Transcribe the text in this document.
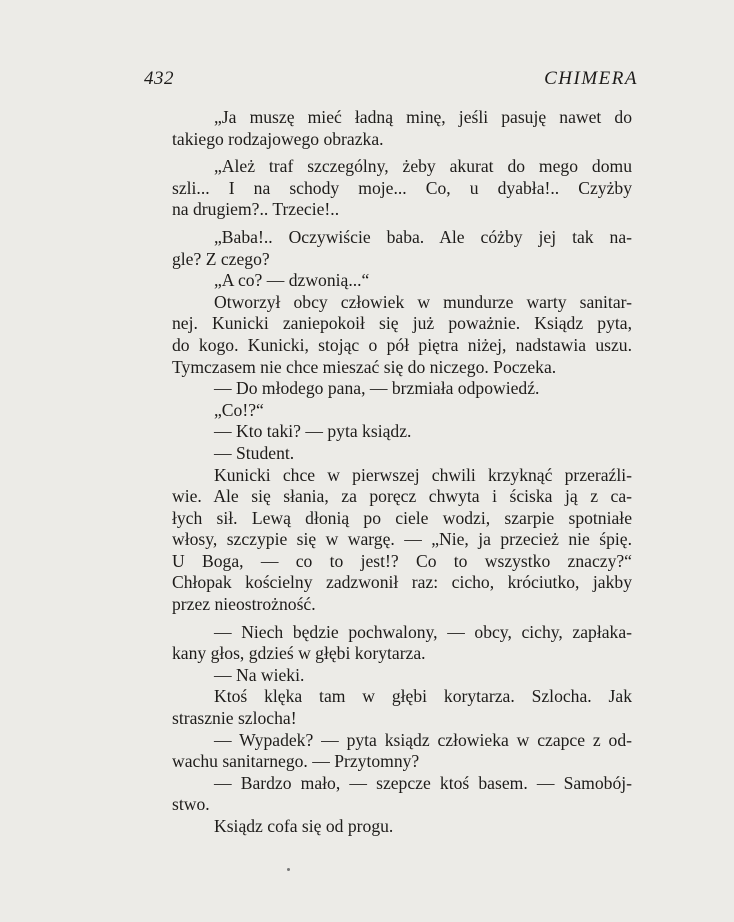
432	CHIMERA
„Ja muszę mieć ładną minę, jeśli pasuję nawet do
takiego rodzajowego obrazka.
„Ależ traf szczególny, żeby akurat do mego domu
szli... I na schody moje... Co, u dyabła!.. Czyżby
na drugiem?.. Trzecie!..
„Baba!.. Oczywiście baba. Ale cóżby jej tak na-
gle? Z czego?
„A co? — dzwonią...“
Otworzył obcy człowiek w mundurze warty sanitar-
nej. Kunicki zaniepokoił się już poważnie. Ksiądz pyta,
do kogo. Kunicki, stojąc o pół piętra niżej, nadstawia uszu.
Tymczasem nie chce mieszać się do niczego. Poczeka.
— Do młodego pana, — brzmiała odpowiedź.
„Co!?“
— Kto taki? — pyta ksiądz.
— Student.
Kunicki chce w pierwszej chwili krzyknąć przeraźli-
wie. Ale się słania, za poręcz chwyta i ściska ją z ca-
łych sił. Lewą dłonią po ciele wodzi, szarpie spotniałe
włosy, szczypie się w wargę. — „Nie, ja przecież nie śpię.
U Boga, — co to jest!? Co to wszystko znaczy?“
Chłopak kościelny zadzwonił raz: cicho, króciutko, jakby
przez nieostrożność.
— Niech będzie pochwalony, — obcy, cichy, zapłaka-
kany głos, gdzieś w głębi korytarza.
— Na wieki.
Ktoś klęka tam w głębi korytarza. Szlocha. Jak
strasznie szlocha!
— Wypadek? — pyta ksiądz człowieka w czapce z od-
wachu sanitarnego. — Przytomny?
— Bardzo mało, — szepcze ktoś basem. — Samobój-
stwo.
Ksiądz cofa się od progu.
